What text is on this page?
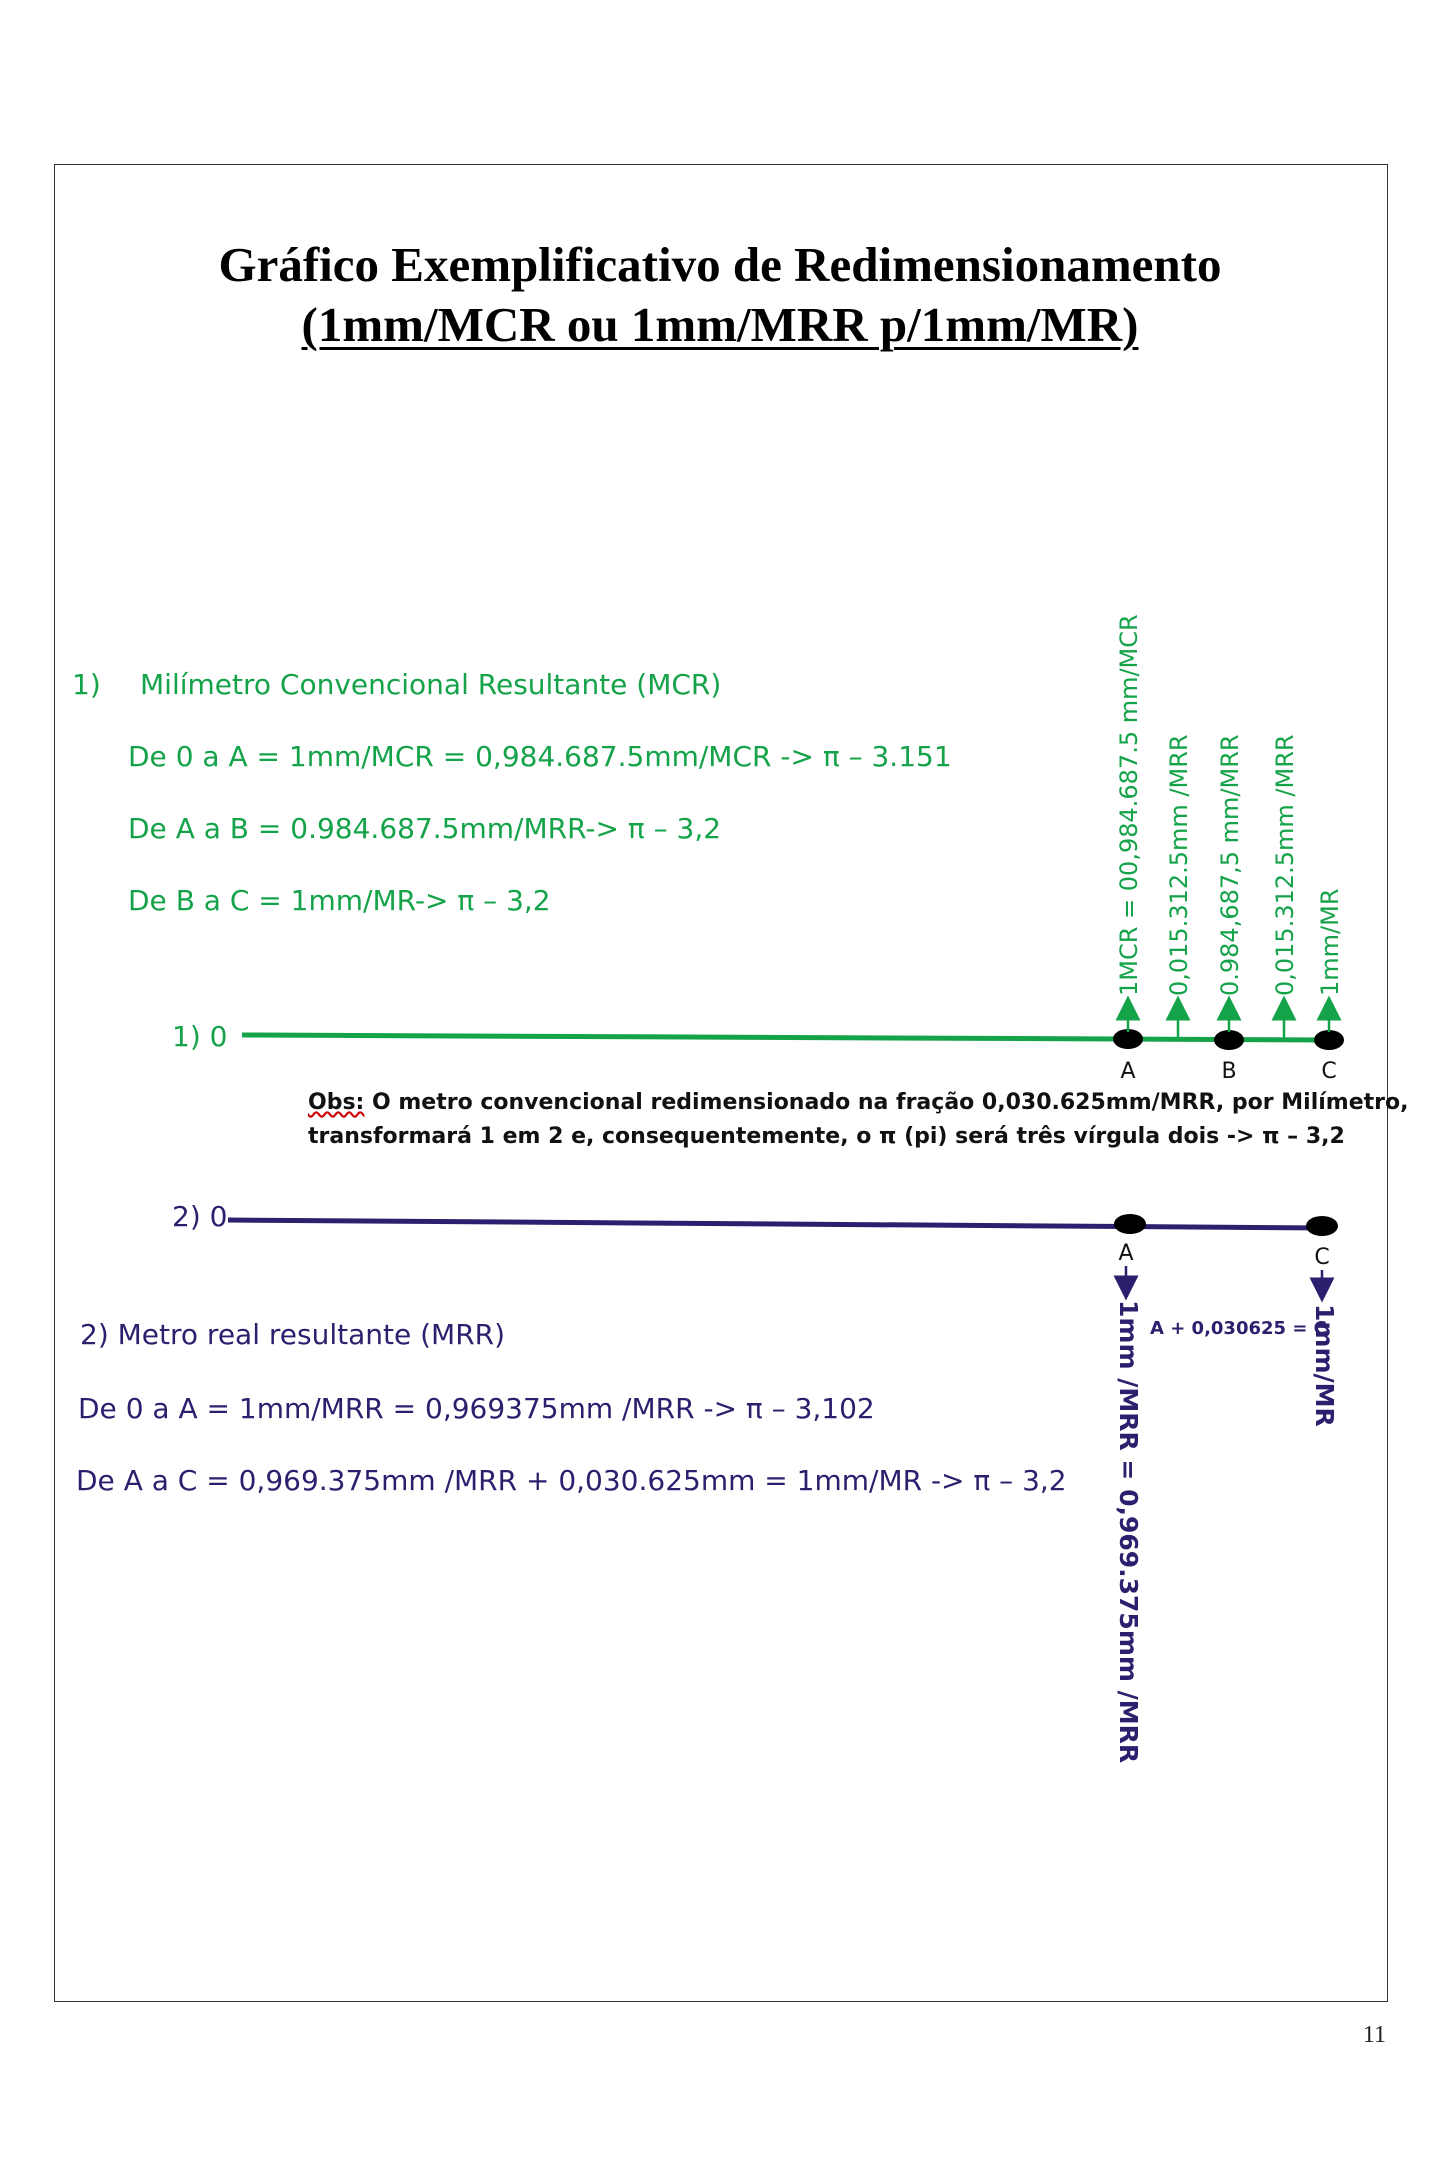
Gráfico Exemplificativo de Redimensionamento
(1mm/MCR ou 1mm/MRR p/1mm/MR)
1) Milímetro Convencional Resultante (MCR)
De 0 a A = 1mm/MCR = 0,984.687.5mm/MCR -> π – 3.151
De A a B = 0.984.687.5mm/MRR-> π – 3,2
De B a C = 1mm/MR-> π – 3,2
1) 0
Obs: O metro convencional redimensionado na fração 0,030.625mm/MRR, por Milímetro,
transformará 1 em 2 e, consequentemente, o π (pi) será três vírgula dois -> π – 3,2
2) 0
2) Metro real resultante (MRR)
De 0 a A = 1mm/MRR = 0,969375mm /MRR -> π – 3,102
De A a C = 0,969.375mm /MRR + 0,030.625mm = 1mm/MR -> π – 3,2
11
A	B	C
1MCR = 00,984.687.5 mm/MCR 0,015.312.5mm /MRR 0.984,687,5 mm/MRR 0,015.312.5mm /MRR 1mm/MR
A	C
1mm /MRR = 0,969.375mm /MRR	1mm/MR
A + 0,030625 = C
